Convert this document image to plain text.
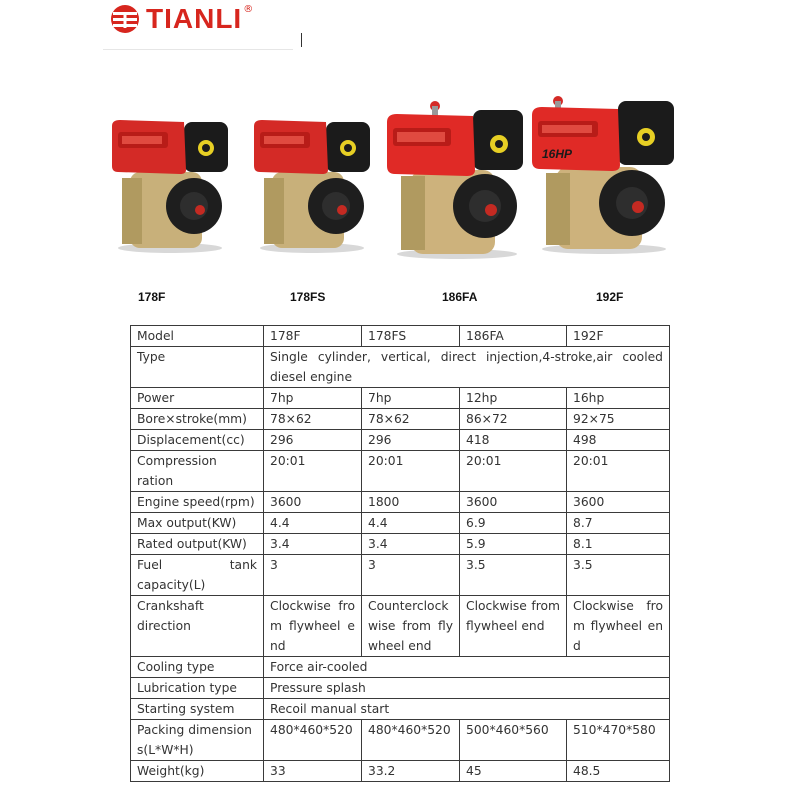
TIANLI ®
16HP
178F	178FS	186FA	192F
Model	178F	178FS	186FA	192F
Type	Single cylinder, vertical, direct injection,4-stroke,air cooled diesel engine			
Power	7hp	7hp	12hp	16hp
Bore×stroke(mm)	78×62	78×62	86×72	92×75
Displacement(cc)	296	296	418	498

Compression
ration	20:01	20:01	20:01	20:01
Engine speed(rpm)	3600	1800	3600	3600
Max output(KW)	4.4	4.4	6.9	8.7
Rated output(KW)	3.4	3.4	5.9	8.1

Fuel tank
capacity(L)	3	3	3.5	3.5

Crankshaft
direction	Clockwise from flywheel end	Counterclockwise from flywheel end	Clockwise from flywheel end	Clockwise from flywheel end
Cooling type	Force air-cooled			
Lubrication type	Pressure splash			
Starting system	Recoil manual start			
Packing dimensions(L*W*H)	480*460*520	480*460*520	500*460*560	510*470*580
Weight(kg)	33	33.2	45	48.5
